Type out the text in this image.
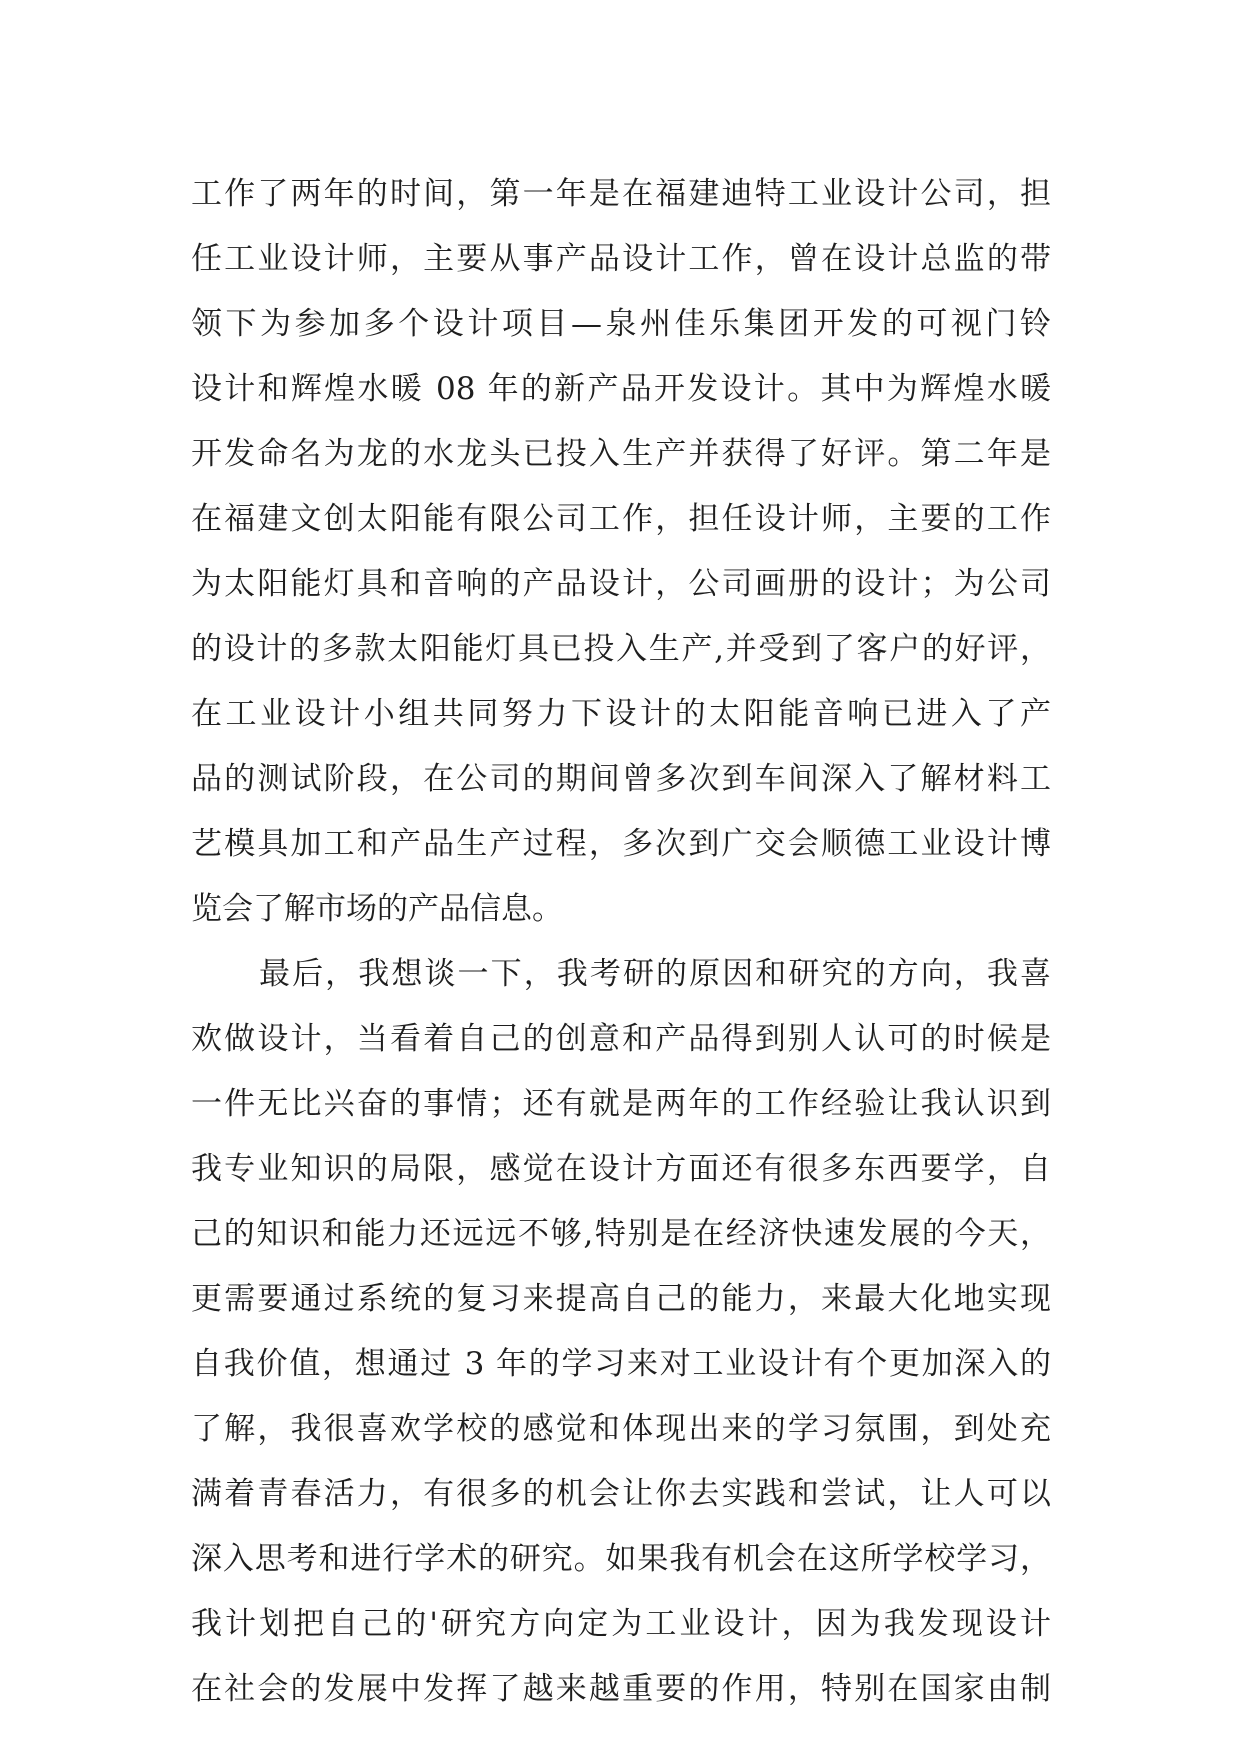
工作了两年的时间，第一年是在福建迪特工业设计公司，担
任工业设计师，主要从事产品设计工作，曾在设计总监的带
领下为参加多个设计项目—泉州佳乐集团开发的可视门铃
设计和辉煌水暖 08 年的新产品开发设计。其中为辉煌水暖
开发命名为龙的水龙头已投入生产并获得了好评。第二年是
在福建文创太阳能有限公司工作，担任设计师，主要的工作
为太阳能灯具和音响的产品设计，公司画册的设计；为公司
的设计的多款太阳能灯具已投入生产,并受到了客户的好评，
在工业设计小组共同努力下设计的太阳能音响已进入了产
品的测试阶段，在公司的期间曾多次到车间深入了解材料工
艺模具加工和产品生产过程，多次到广交会顺德工业设计博
览会了解市场的产品信息。
最后，我想谈一下，我考研的原因和研究的方向，我喜
欢做设计，当看着自己的创意和产品得到别人认可的时候是
一件无比兴奋的事情；还有就是两年的工作经验让我认识到
我专业知识的局限，感觉在设计方面还有很多东西要学，自
己的知识和能力还远远不够,特别是在经济快速发展的今天，
更需要通过系统的复习来提高自己的能力，来最大化地实现
自我价值，想通过 3 年的学习来对工业设计有个更加深入的
了解，我很喜欢学校的感觉和体现出来的学习氛围，到处充
满着青春活力，有很多的机会让你去实践和尝试，让人可以
深入思考和进行学术的研究。如果我有机会在这所学校学习，
我计划把自己的'研究方向定为工业设计，因为我发现设计
在社会的发展中发挥了越来越重要的作用，特别在国家由制
